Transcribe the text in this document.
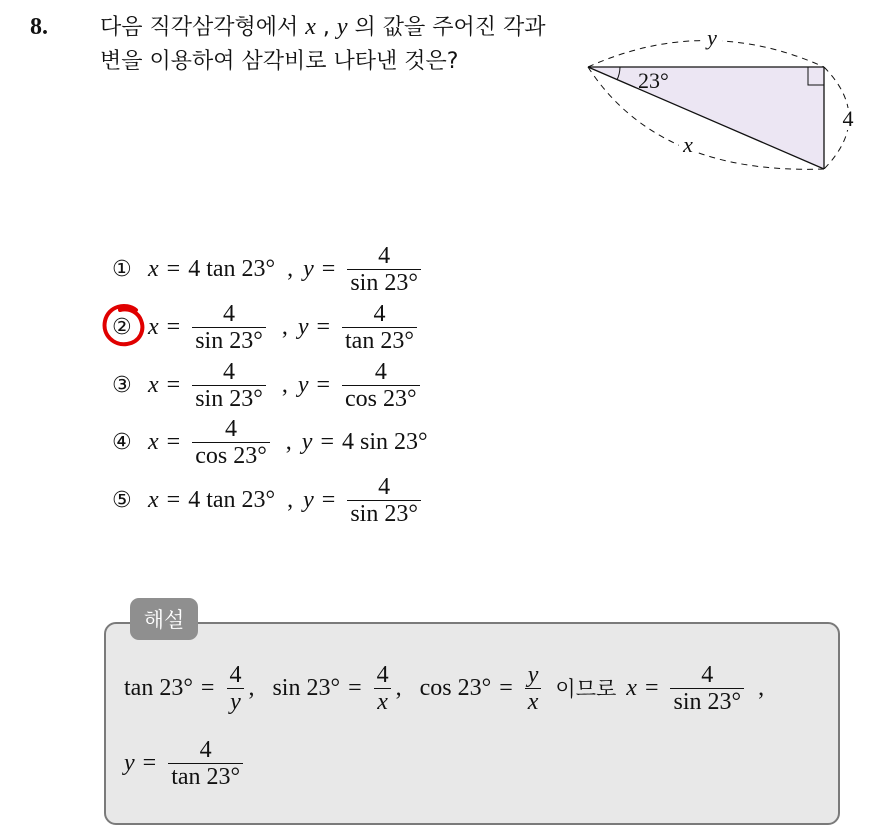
8. 다음 직각삼각형에서 x , y 의 값을 주어진 각과 변을 이용하여 삼각비로 나타낸 것은?
y
23°
4
x
① x = 4 tan 23° , $y = \frac{4}{\sin 23^\circ}$
② $x = \frac{4}{\sin 23^\circ}$ , $y = \frac{4}{\tan 23^\circ}$
③ $x = \frac{4}{\sin 23^\circ}$ , $y = \frac{4}{\cos 23^\circ}$
④ $x = \frac{4}{\cos 23^\circ}$ , y = 4 sin 23°
⑤ x = 4 tan 23° , $y = \frac{4}{\sin 23^\circ}$
해설
$\tan 23^\circ = \frac{4}{y}$ , $\sin 23^\circ = \frac{4}{x}$ , $\cos 23^\circ = \frac{y}{x}$ 이므로 $x = \frac{4}{\sin 23^\circ}$ ,
$y = \frac{4}{\tan 23^\circ}$
